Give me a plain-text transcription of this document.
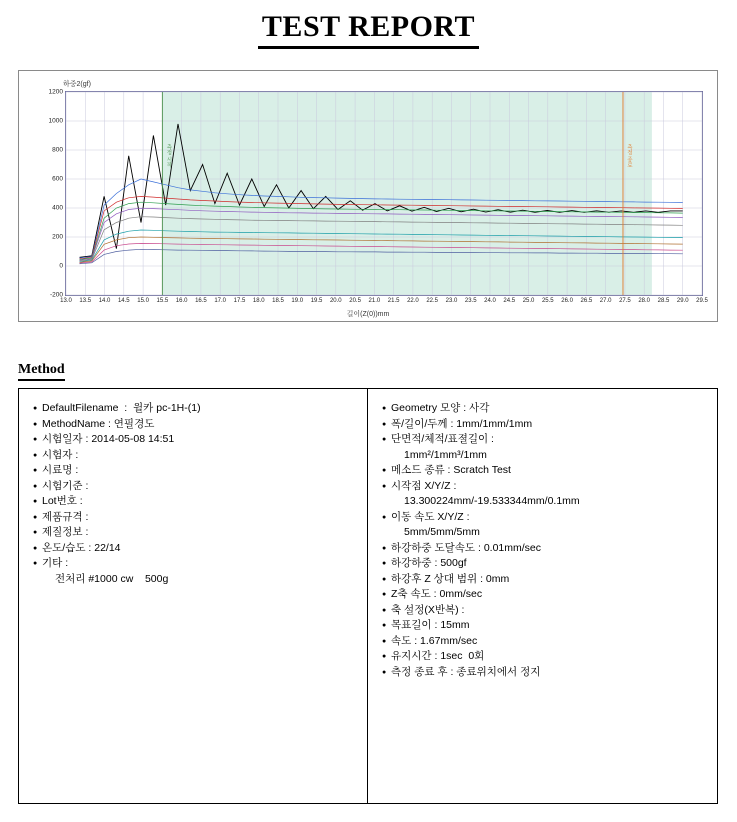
TEST REPORT
하중2(gf)
길이(Z(0))mm
1200
1000
800
600
400
200
0
-200
13.0 13.5 14.0 14.5 15.0 15.5 16.0 16.5 17.0 17.5 18.0 18.5 19.0 19.5 20.0 20.5 21.0 21.5 22.0 22.5 23.0 23.5 24.0 24.5 25.0 25.5 26.0 26.5 27.0 27.5 28.0 28.5 29.0 29.5
측정 시작	측정 종료
Method
● DefaultFilename  :  윌카 pc-1H-(1)
● MethodName : 연필경도
● 시험일자 : 2014-05-08 14:51
● 시험자 :
● 시료명 :
● 시험기준 :
● Lot번호 :
● 제품규격 :
● 제질정보 :
● 온도/습도 : 22/14
● 기타 :
전처리 #1000 cw    500g
● Geometry 모양 : 사각
● 폭/길이/두께 : 1mm/1mm/1mm
● 단면적/체적/표졀길이 :
1mm²/1mm³/1mm
● 메소드 종류 : Scratch Test
● 시작점 X/Y/Z :
13.300224mm/-19.533344mm/0.1mm
● 이동 속도 X/Y/Z :
5mm/5mm/5mm
● 하강하중 도달속도 : 0.01mm/sec
● 하강하중 : 500gf
● 하강후 Z 상대 범위 : 0mm
● Z축 속도 : 0mm/sec
● 축 설정(X반복) :
● 목표길이 : 15mm
● 속도 : 1.67mm/sec
● 유지시간 : 1sec  0회
● 측정 종료 후 : 종료위치에서 정지
